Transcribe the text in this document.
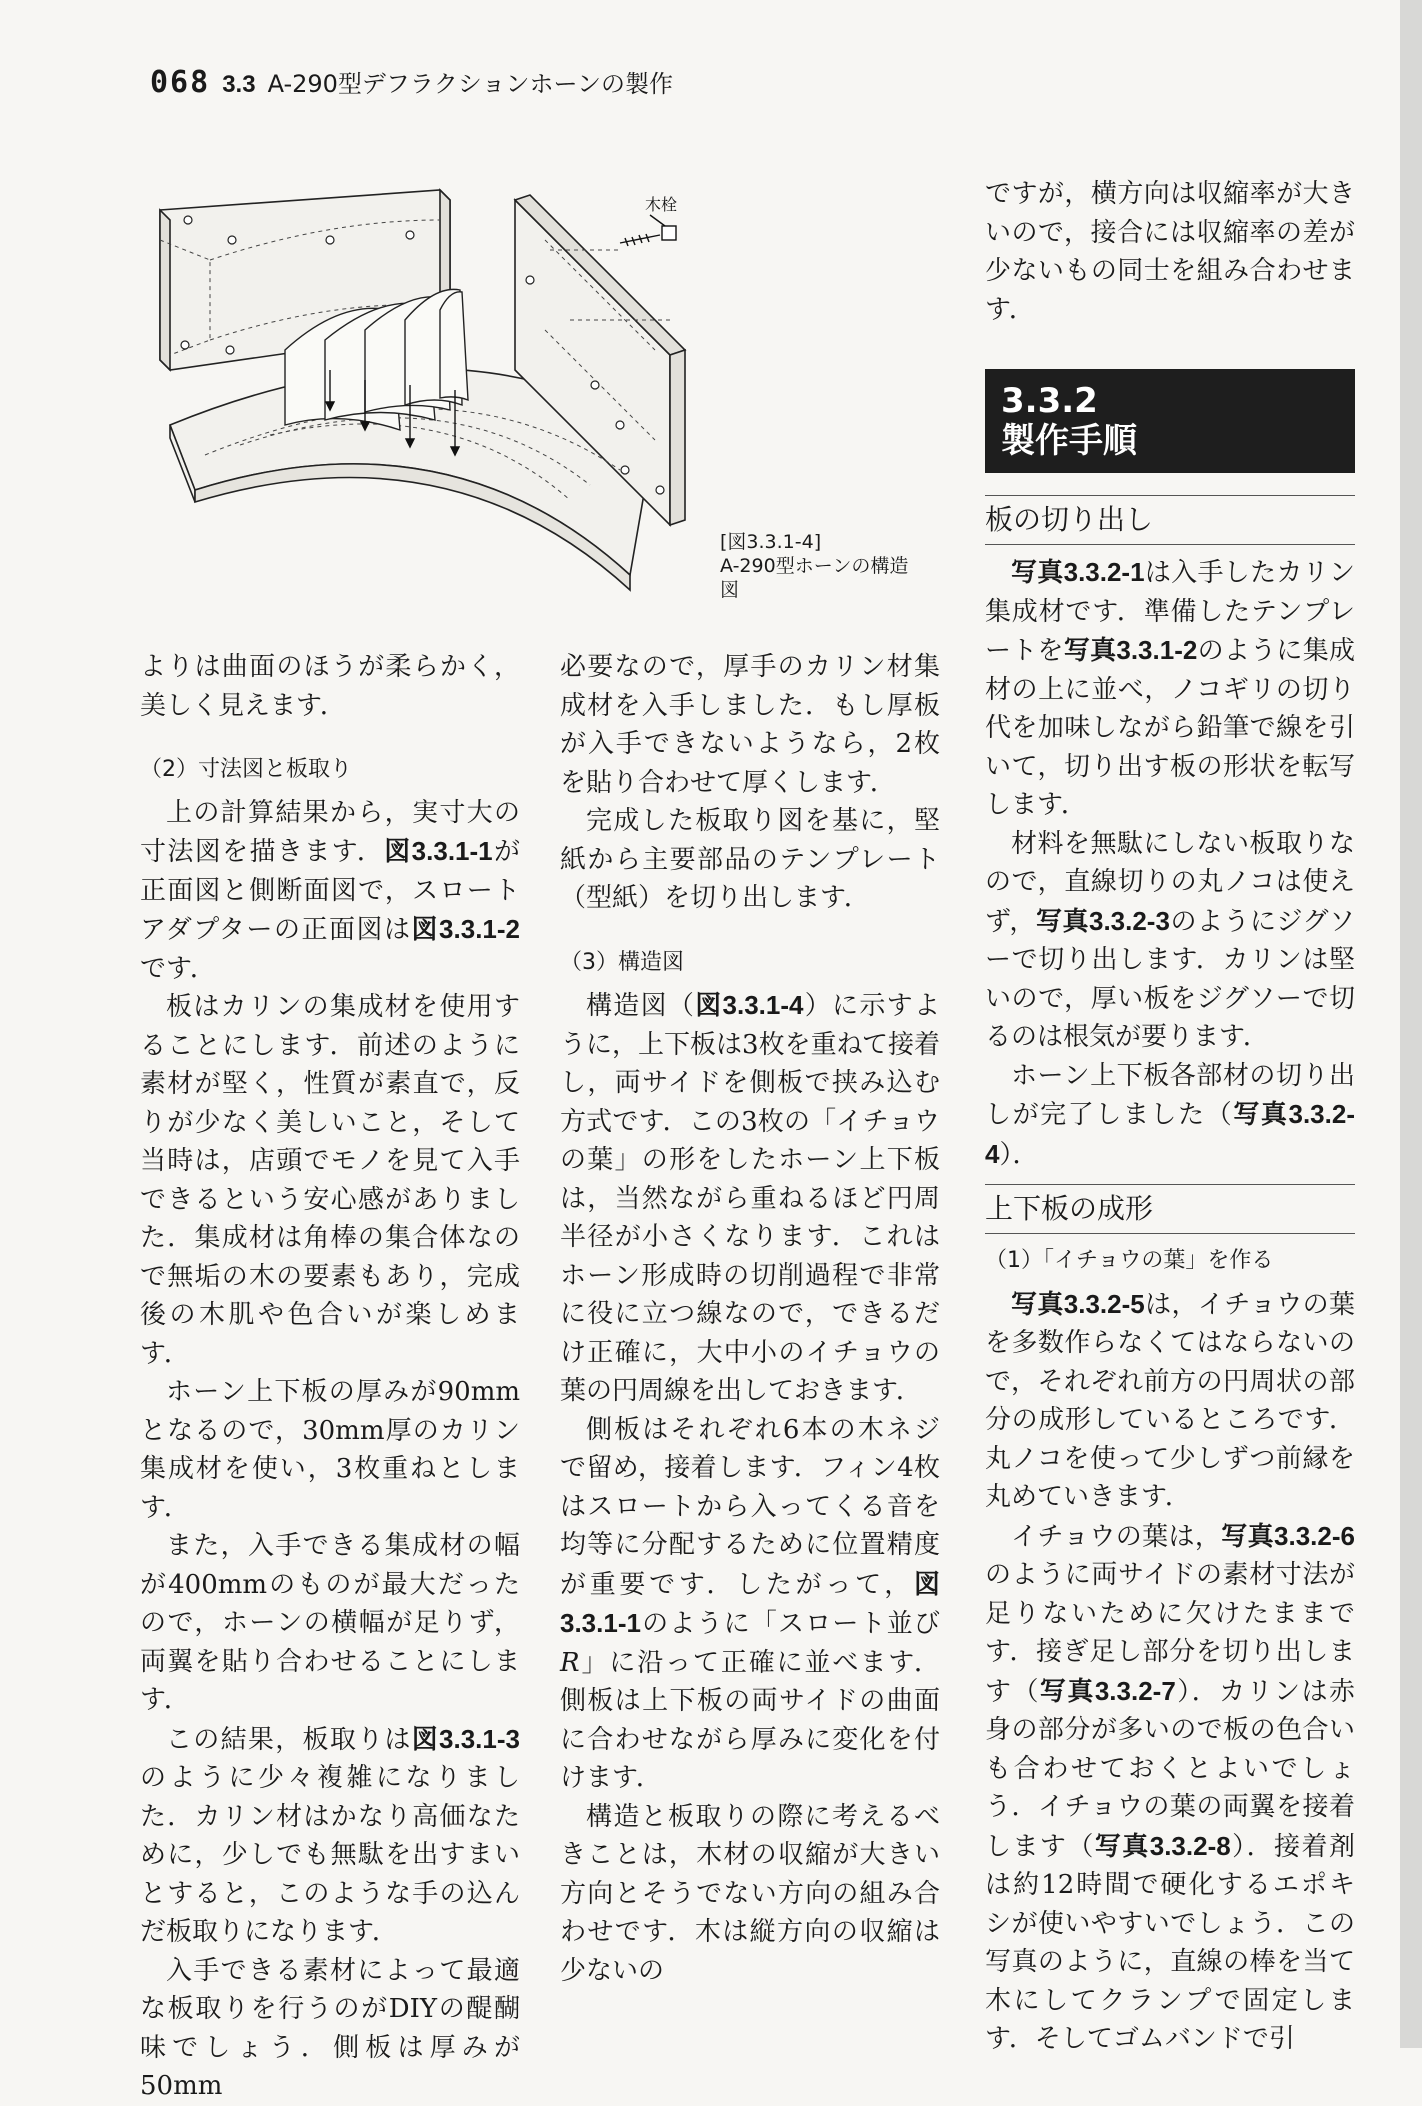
068 3.3 A-290型デフラクションホーンの製作
木栓
[図3.3.1-4]
A-290型ホーンの構造図

よりは曲面のほうが柔らかく，美しく見えます．

（2）寸法図と板取り

上の計算結果から，実寸大の寸法図を描きます．図3.3.1-1が正面図と側断面図で，スロートアダプターの正面図は図3.3.1-2です．

板はカリンの集成材を使用することにします．前述のように素材が堅く，性質が素直で，反りが少なく美しいこと，そして当時は，店頭でモノを見て入手できるという安心感がありました．集成材は角棒の集合体なので無垢の木の要素もあり，完成後の木肌や色合いが楽しめます．

ホーン上下板の厚みが90mmとなるので，30mm厚のカリン集成材を使い，3枚重ねとします．

また，入手できる集成材の幅が400mmのものが最大だったので，ホーンの横幅が足りず，両翼を貼り合わせることにします．

この結果，板取りは図3.3.1-3のように少々複雑になりました．カリン材はかなり高価なために，少しでも無駄を出すまいとすると，このような手の込んだ板取りになります．

入手できる素材によって最適な板取りを行うのがDIYの醍醐味でしょう．側板は厚みが50mm

必要なので，厚手のカリン材集成材を入手しました．もし厚板が入手できないようなら，2枚を貼り合わせて厚くします．

完成した板取り図を基に，堅紙から主要部品のテンプレート（型紙）を切り出します．

（3）構造図

構造図（図3.3.1-4）に示すように，上下板は3枚を重ねて接着し，両サイドを側板で挟み込む方式です．この3枚の「イチョウの葉」の形をしたホーン上下板は，当然ながら重ねるほど円周半径が小さくなります．これはホーン形成時の切削過程で非常に役に立つ線なので，できるだけ正確に，大中小のイチョウの葉の円周線を出しておきます．

側板はそれぞれ6本の木ネジで留め，接着します．フィン4枚はスロートから入ってくる音を均等に分配するために位置精度が重要です．したがって，図3.3.1-1のように「スロート並びR」に沿って正確に並べます．側板は上下板の両サイドの曲面に合わせながら厚みに変化を付けます．

構造と板取りの際に考えるべきことは，木材の収縮が大きい方向とそうでない方向の組み合わせです．木は縦方向の収縮は少ないの

ですが，横方向は収縮率が大きいので，接合には収縮率の差が少ないもの同士を組み合わせます．

3.3.2
製作手順
板の切り出し

写真3.3.2-1は入手したカリン集成材です．準備したテンプレートを写真3.3.1-2のように集成材の上に並べ，ノコギリの切り代を加味しながら鉛筆で線を引いて，切り出す板の形状を転写します．

材料を無駄にしない板取りなので，直線切りの丸ノコは使えず，写真3.3.2-3のようにジグソーで切り出します．カリンは堅いので，厚い板をジグソーで切るのは根気が要ります．

ホーン上下板各部材の切り出しが完了しました（写真3.3.2-4）．

上下板の成形
（1）「イチョウの葉」を作る

写真3.3.2-5は，イチョウの葉を多数作らなくてはならないので，それぞれ前方の円周状の部分の成形しているところです．丸ノコを使って少しずつ前縁を丸めていきます．

イチョウの葉は，写真3.3.2-6のように両サイドの素材寸法が足りないために欠けたままです．接ぎ足し部分を切り出します（写真3.3.2-7）．カリンは赤身の部分が多いので板の色合いも合わせておくとよいでしょう．イチョウの葉の両翼を接着します（写真3.3.2-8）．接着剤は約12時間で硬化するエポキシが使いやすいでしょう．この写真のように，直線の棒を当て木にしてクランプで固定します．そしてゴムバンドで引
